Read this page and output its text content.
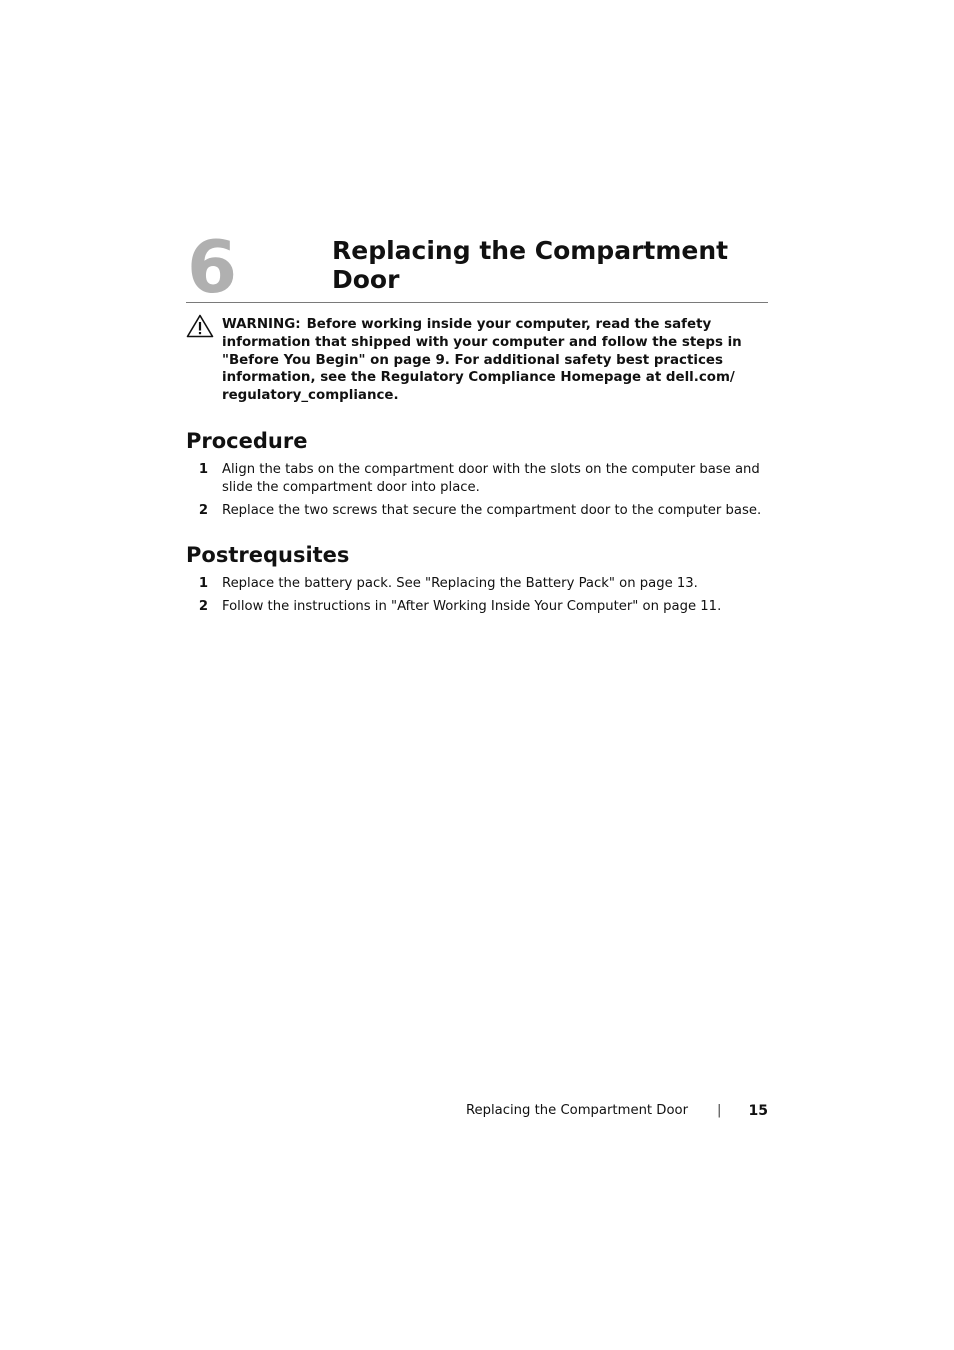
6	Replacing the Compartment Door

WARNING: Before working inside your computer, read the safety information that shipped with your computer and follow the steps in "Before You Begin" on page 9. For additional safety best practices information, see the Regulatory Compliance Homepage at dell.com/ regulatory_compliance.

Procedure
1 Align the tabs on the compartment door with the slots on the computer base and slide the compartment door into place.
2 Replace the two screws that secure the compartment door to the computer base.
Postrequsites
1 Replace the battery pack. See "Replacing the Battery Pack" on page 13.
2 Follow the instructions in "After Working Inside Your Computer" on page 11.
Replacing the Compartment Door | 15
